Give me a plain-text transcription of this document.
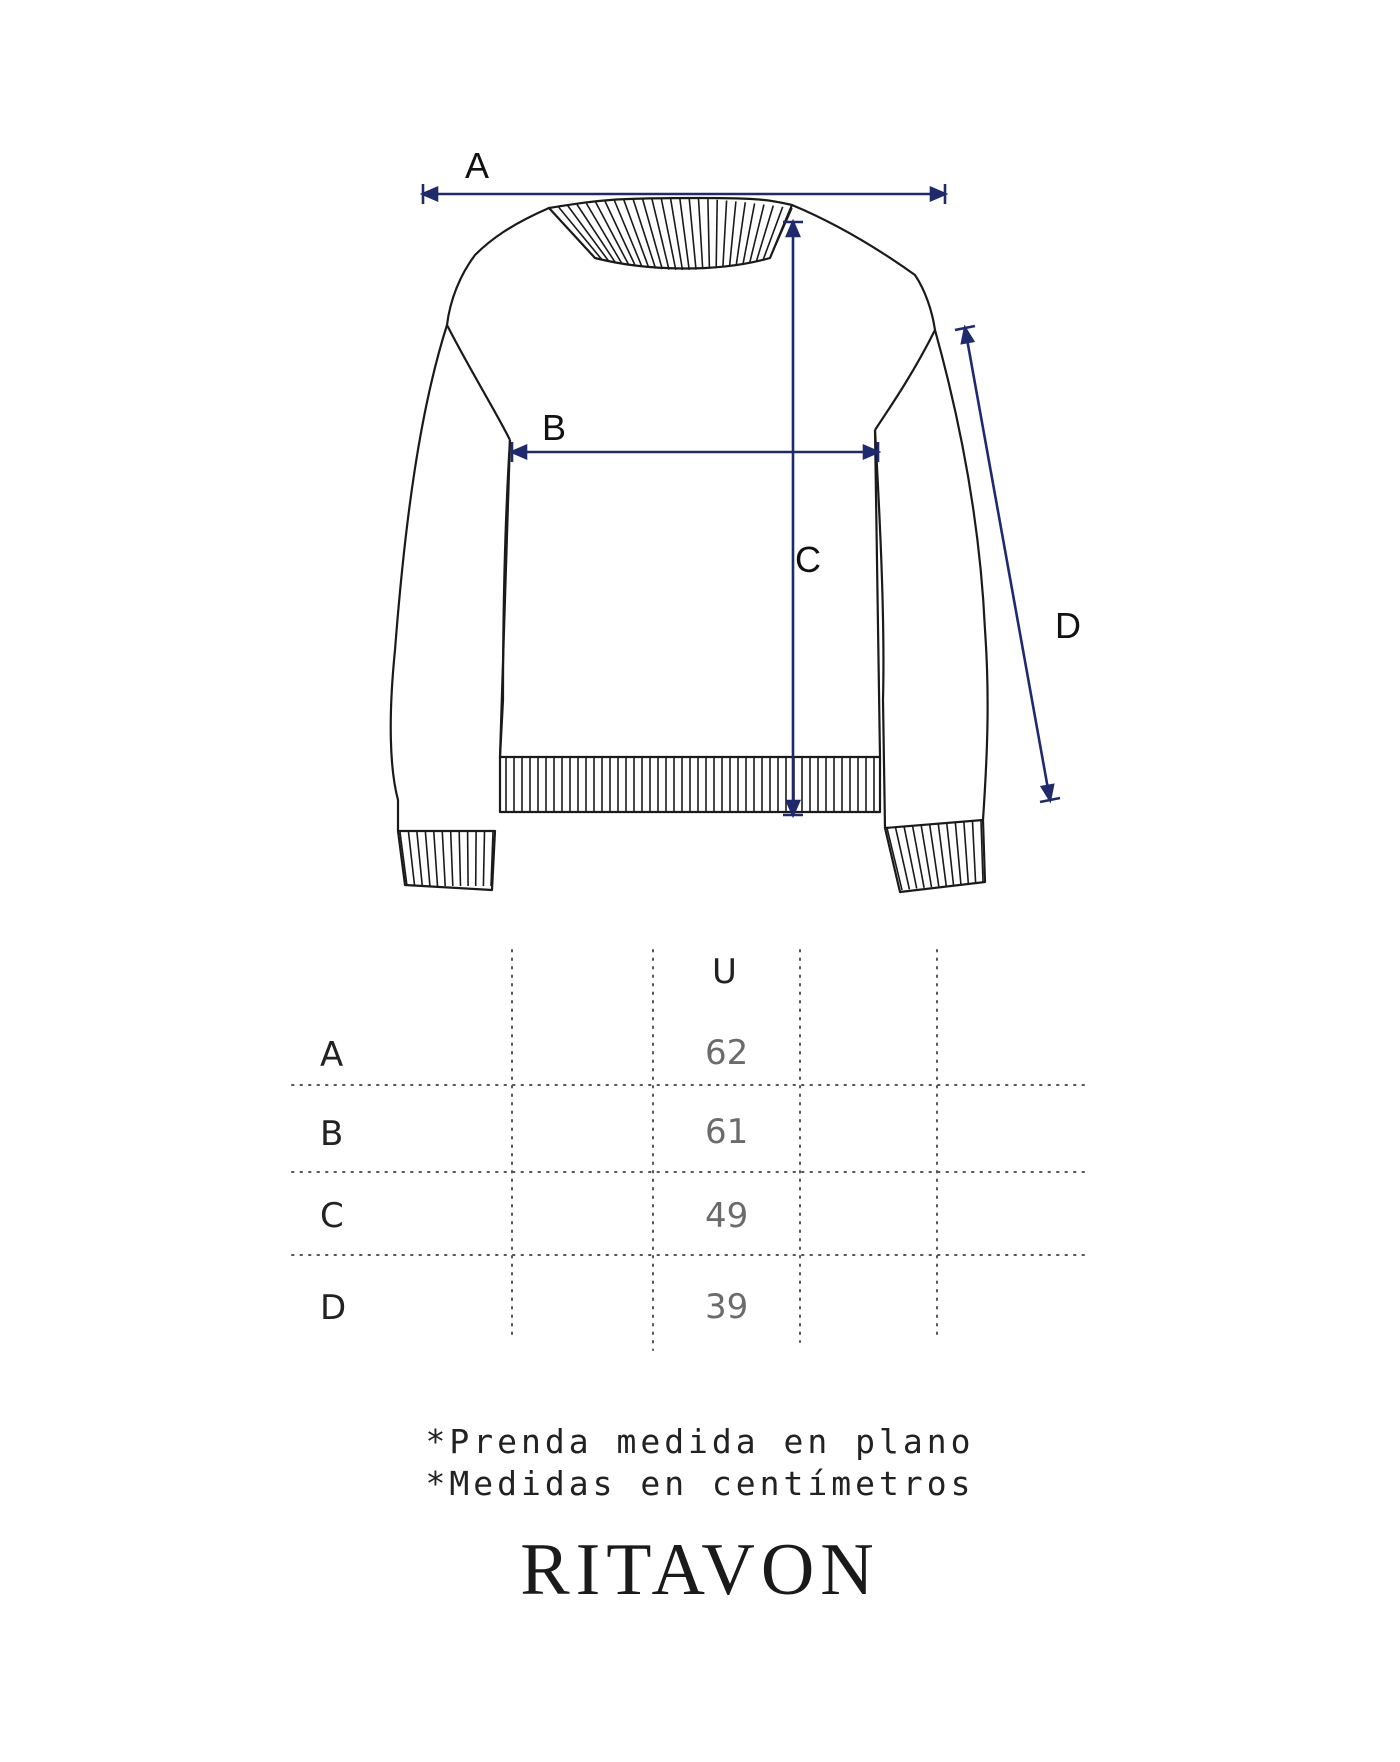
A
B
C
D
U
A	62
B	61
C	49
D	39
*Prenda medida en plano
*Medidas en centímetros
RITAVON
